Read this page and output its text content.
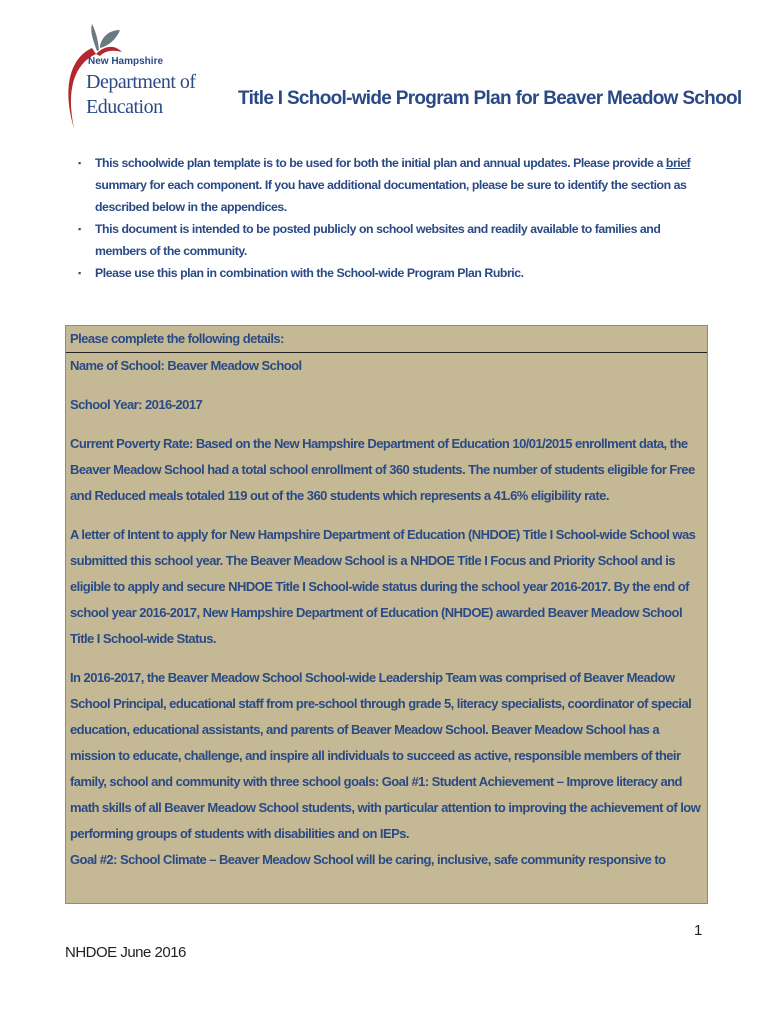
New Hampshire
Department of
Education	Title I School-wide Program Plan for Beaver Meadow School
▪ This schoolwide plan template is to be used for both the initial plan and annual updates. Please provide a brief summary for each component. If you have additional documentation, please be sure to identify the section as described below in the appendices.
▪ This document is intended to be posted publicly on school websites and readily available to families and members of the community.
▪ Please use this plan in combination with the School-wide Program Plan Rubric.
Please complete the following details:

Name of School: Beaver Meadow School

School Year: 2016-2017

Current Poverty Rate: Based on the New Hampshire Department of Education 10/01/2015 enrollment data, the Beaver Meadow School had a total school enrollment of 360 students. The number of students eligible for Free and Reduced meals totaled 119 out of the 360 students which represents a 41.6% eligibility rate.

A letter of Intent to apply for New Hampshire Department of Education (NHDOE) Title I School-wide School was submitted this school year. The Beaver Meadow School is a NHDOE Title I Focus and Priority School and is eligible to apply and secure NHDOE Title I School-wide status during the school year 2016-2017. By the end of school year 2016-2017, New Hampshire Department of Education (NHDOE) awarded Beaver Meadow School Title I School-wide Status.

In 2016-2017, the Beaver Meadow School School-wide Leadership Team was comprised of Beaver Meadow School Principal, educational staff from pre-school through grade 5, literacy specialists, coordinator of special education, educational assistants, and parents of Beaver Meadow School. Beaver Meadow School has a mission to educate, challenge, and inspire all individuals to succeed as active, responsible members of their family, school and community with three school goals: Goal #1: Student Achievement – Improve literacy and math skills of all Beaver Meadow School students, with particular attention to improving the achievement of low performing groups of students with disabilities and on IEPs.

Goal #2: School Climate – Beaver Meadow School will be caring, inclusive, safe community responsive to

1
NHDOE June 2016
